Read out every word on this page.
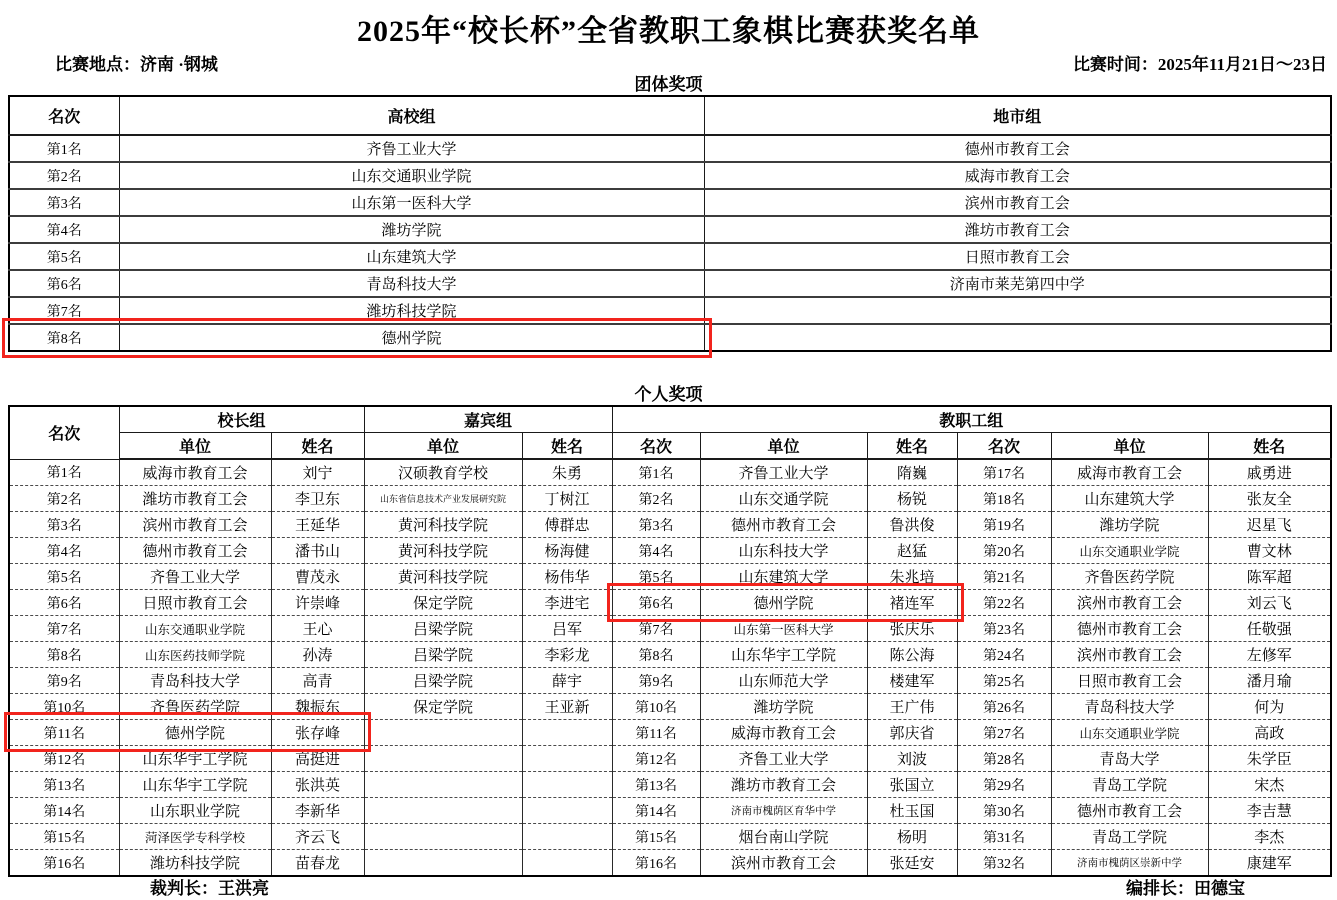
2025年“校长杯”全省教职工象棋比赛获奖名单
比赛地点：济南 ·钢城	比赛时间：2025年11月21日～23日
团体奖项
名次	高校组	地市组
第1名	齐鲁工业大学	德州市教育工会
第2名	山东交通职业学院	威海市教育工会
第3名	山东第一医科大学	滨州市教育工会
第4名	潍坊学院	潍坊市教育工会
第5名	山东建筑大学	日照市教育工会
第6名	青岛科技大学	济南市莱芜第四中学
第7名	潍坊科技学院	
第8名	德州学院	
个人奖项
名次	校长组		嘉宾组		教职工组					
	单位	姓名	单位	姓名	名次	单位	姓名	名次	单位	姓名
第1名	威海市教育工会	刘宁	汉硕教育学校	朱勇	第1名	齐鲁工业大学	隋巍	第17名	威海市教育工会	戚勇进
第2名	潍坊市教育工会	李卫东	山东省信息技术产业发展研究院	丁树江	第2名	山东交通学院	杨锐	第18名	山东建筑大学	张友全
第3名	滨州市教育工会	王延华	黄河科技学院	傅群忠	第3名	德州市教育工会	鲁洪俊	第19名	潍坊学院	迟星飞
第4名	德州市教育工会	潘书山	黄河科技学院	杨海健	第4名	山东科技大学	赵猛	第20名	山东交通职业学院	曹文林
第5名	齐鲁工业大学	曹茂永	黄河科技学院	杨伟华	第5名	山东建筑大学	朱兆培	第21名	齐鲁医药学院	陈军超
第6名	日照市教育工会	许崇峰	保定学院	李进宅	第6名	德州学院	褚连军	第22名	滨州市教育工会	刘云飞
第7名	山东交通职业学院	王心	吕梁学院	吕军	第7名	山东第一医科大学	张庆乐	第23名	德州市教育工会	任敬强
第8名	山东医药技师学院	孙涛	吕梁学院	李彩龙	第8名	山东华宇工学院	陈公海	第24名	滨州市教育工会	左修军
第9名	青岛科技大学	高青	吕梁学院	薛宇	第9名	山东师范大学	楼建军	第25名	日照市教育工会	潘月瑜
第10名	齐鲁医药学院	魏振东	保定学院	王亚新	第10名	潍坊学院	王广伟	第26名	青岛科技大学	何为
第11名	德州学院	张存峰			第11名	威海市教育工会	郭庆省	第27名	山东交通职业学院	高政
第12名	山东华宇工学院	高挺进			第12名	齐鲁工业大学	刘波	第28名	青岛大学	朱学臣
第13名	山东华宇工学院	张洪英			第13名	潍坊市教育工会	张国立	第29名	青岛工学院	宋杰
第14名	山东职业学院	李新华			第14名	济南市槐荫区育华中学	杜玉国	第30名	德州市教育工会	李吉慧
第15名	菏泽医学专科学校	齐云飞			第15名	烟台南山学院	杨明	第31名	青岛工学院	李杰
第16名	潍坊科技学院	苗春龙			第16名	滨州市教育工会	张廷安	第32名	济南市槐荫区崇新中学	康建军
裁判长：王洪亮	编排长：田德宝
